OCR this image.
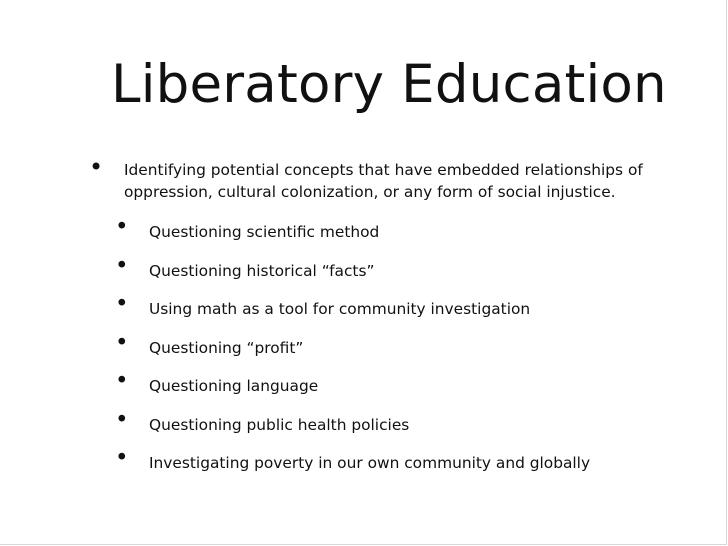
Liberatory Education
• Identifying potential concepts that have embedded relationships of
oppression, cultural colonization, or any form of social injustice.
• Questioning scientific method
• Questioning historical “facts”
• Using math as a tool for community investigation
• Questioning “profit”
• Questioning language
• Questioning public health policies
• Investigating poverty in our own community and globally
